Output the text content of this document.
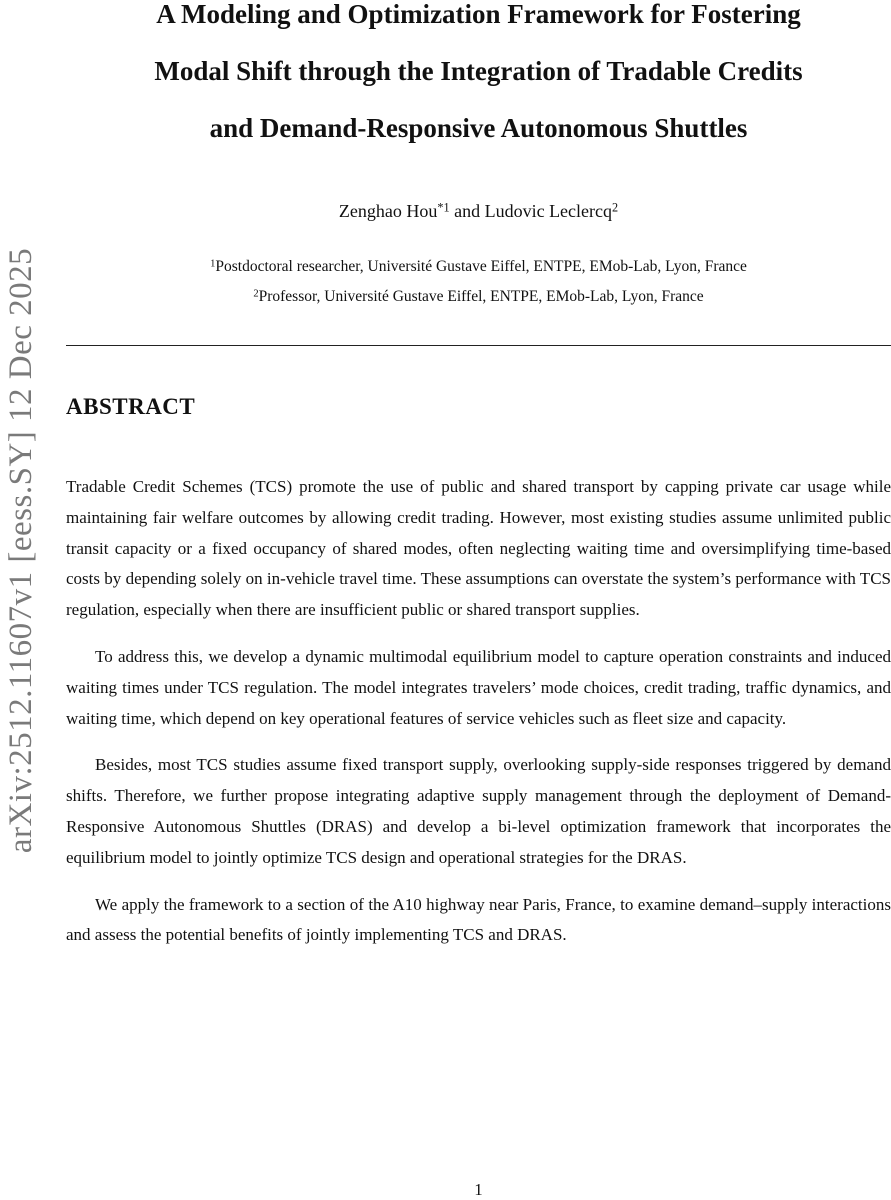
arXiv:2512.11607v1 [eess.SY] 12 Dec 2025
A Modeling and Optimization Framework for Fostering
Modal Shift through the Integration of Tradable Credits
and Demand-Responsive Autonomous Shuttles
Zenghao Hou$^{*1}$ and Ludovic Leclercq$^2$
$^1$Postdoctoral researcher, Université Gustave Eiffel, ENTPE, EMob-Lab, Lyon, France
$^2$Professor, Université Gustave Eiffel, ENTPE, EMob-Lab, Lyon, France
ABSTRACT

Tradable Credit Schemes (TCS) promote the use of public and shared transport by capping private car usage while maintaining fair welfare outcomes by allowing credit trading. However, most existing studies assume unlimited public transit capacity or a fixed occupancy of shared modes, often neglecting waiting time and oversimplifying time-based costs by depending solely on in-vehicle travel time. These assumptions can overstate the system’s performance with TCS regulation, especially when there are insufficient public or shared transport supplies.

To address this, we develop a dynamic multimodal equilibrium model to capture operation constraints and induced waiting times under TCS regulation. The model integrates travelers’ mode choices, credit trading, traffic dynamics, and waiting time, which depend on key operational features of service vehicles such as fleet size and capacity.

Besides, most TCS studies assume fixed transport supply, overlooking supply-side responses triggered by demand shifts. Therefore, we further propose integrating adaptive supply management through the deployment of Demand-Responsive Autonomous Shuttles (DRAS) and develop a bi-level optimization framework that incorporates the equilibrium model to jointly optimize TCS design and operational strategies for the DRAS.

We apply the framework to a section of the A10 highway near Paris, France, to examine demand–supply interactions and assess the potential benefits of jointly implementing TCS and DRAS.

1
